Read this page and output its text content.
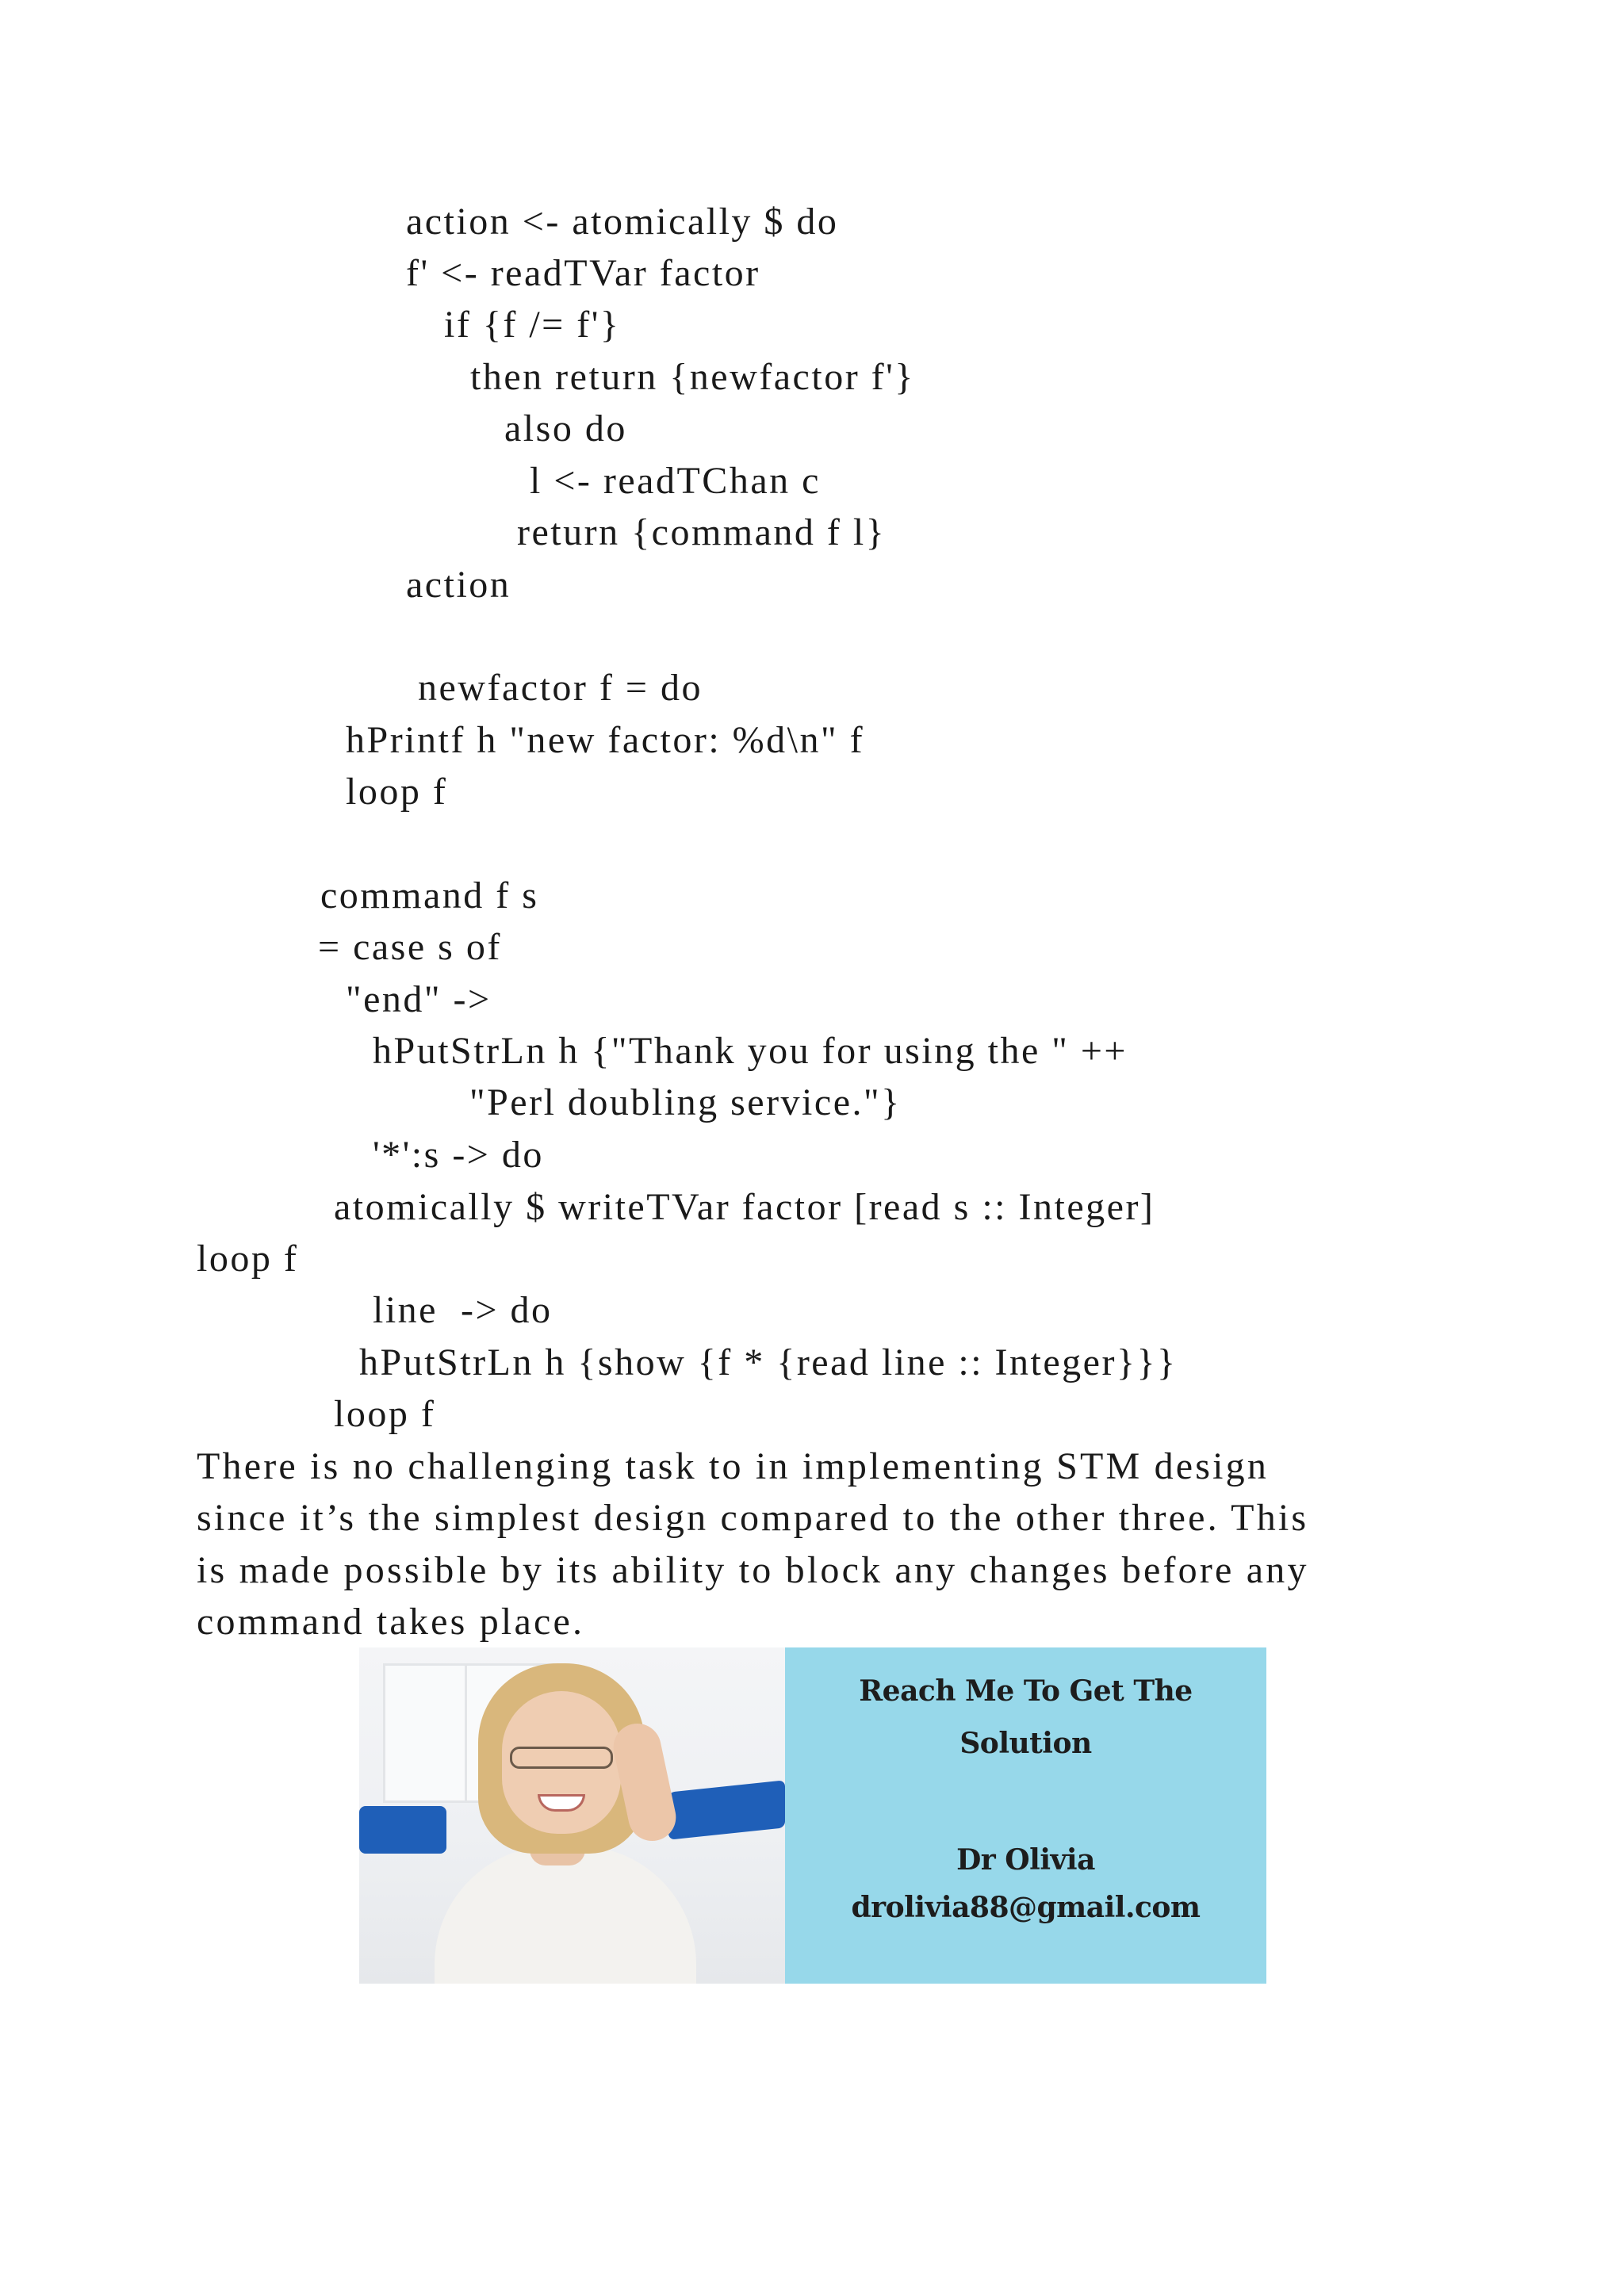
action <- atomically $ do

f' <- readTVar factor

if {f /= f'}

then return {newfactor f'}

also do

l <- readTChan c

return {command f l}

action

newfactor f = do

hPrintf h "new factor: %d\n" f

loop f

command f s

= case s of

"end" ->

hPutStrLn h {"Thank you for using the " ++

"Perl doubling service."}

'*':s -> do

atomically $ writeTVar factor [read s :: Integer]

loop f

line  -> do

hPutStrLn h {show {f * {read line :: Integer}}}

loop f

There is no challenging task to in implementing STM design

since it’s the simplest design compared to the other three. This

is made possible by its ability to block any changes before any

command takes place.

Reach Me To Get The

Solution

Dr Olivia

drolivia88@gmail.com
